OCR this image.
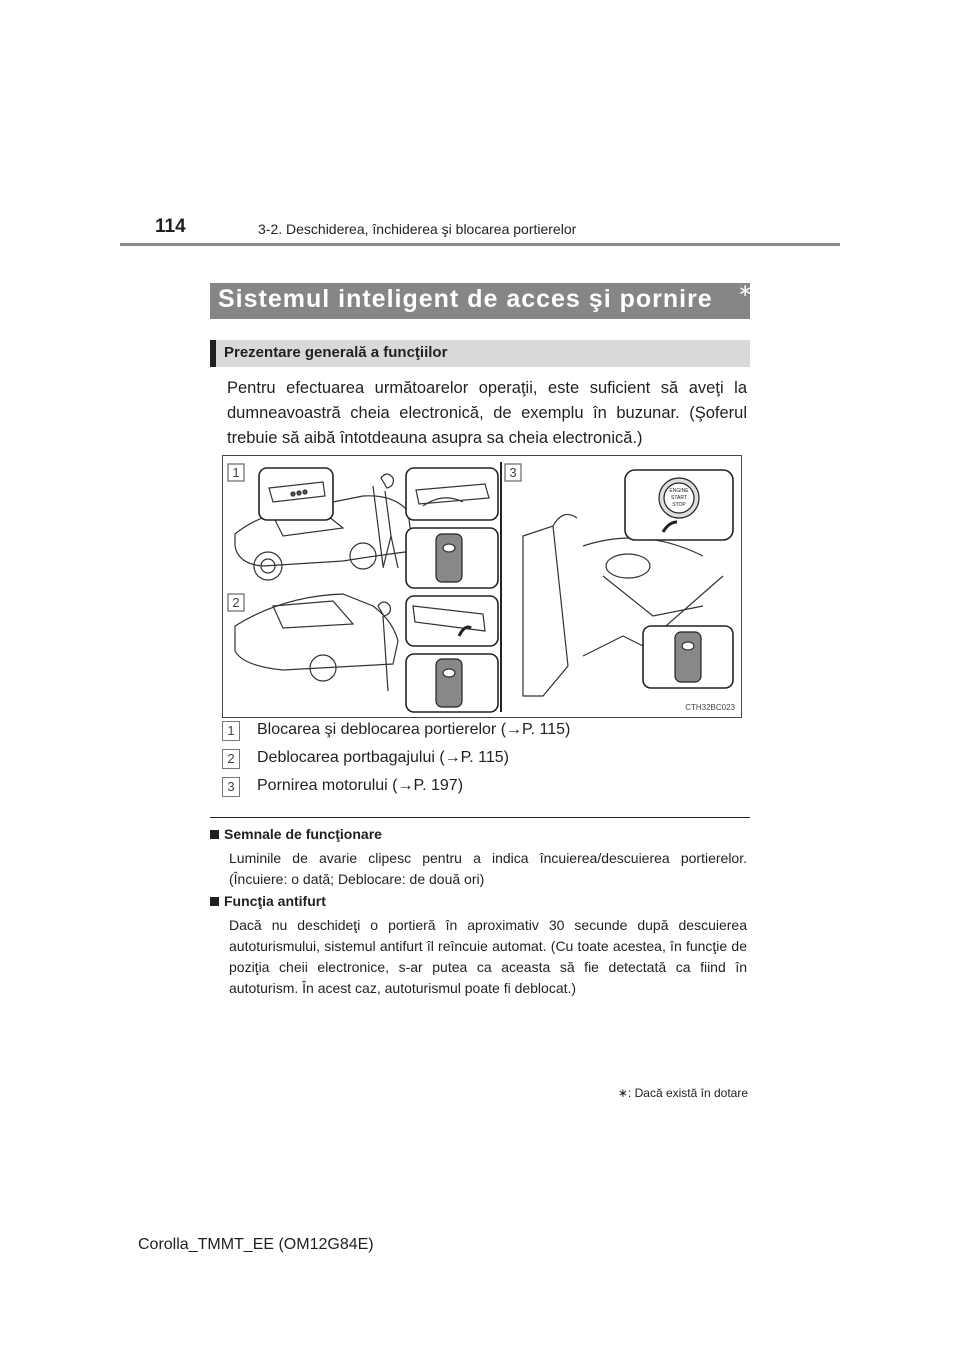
114	3-2. Deschiderea, închiderea şi blocarea portierelor
Sistemul inteligent de acces şi pornire ∗
Prezentare generală a funcţiilor
Pentru efectuarea următoarelor operaţii, este suficient să aveţi la dumneavoastră cheia electronică, de exemplu în buzunar. (Şoferul trebuie să aibă întotdeauna asupra sa cheia electronică.)
1
2
3
ENGINE
START
STOP
CTH32BC023
1	Blocarea şi deblocarea portierelor (→P. 115)
2	Deblocarea portbagajului (→P. 115)
3	Pornirea motorului (→P. 197)
Semnale de funcţionare
Luminile de avarie clipesc pentru a indica încuierea/descuierea portierelor. (Încuiere: o dată; Deblocare: de două ori)
Funcţia antifurt
Dacă nu deschideţi o portieră în aproximativ 30 secunde după descuierea autoturismului, sistemul antifurt îl reîncuie automat. (Cu toate acestea, în funcţie de poziţia cheii electronice, s-ar putea ca aceasta să fie detectată ca fiind în autoturism. În acest caz, autoturismul poate fi deblocat.)
∗: Dacă există în dotare
Corolla_TMMT_EE (OM12G84E)
